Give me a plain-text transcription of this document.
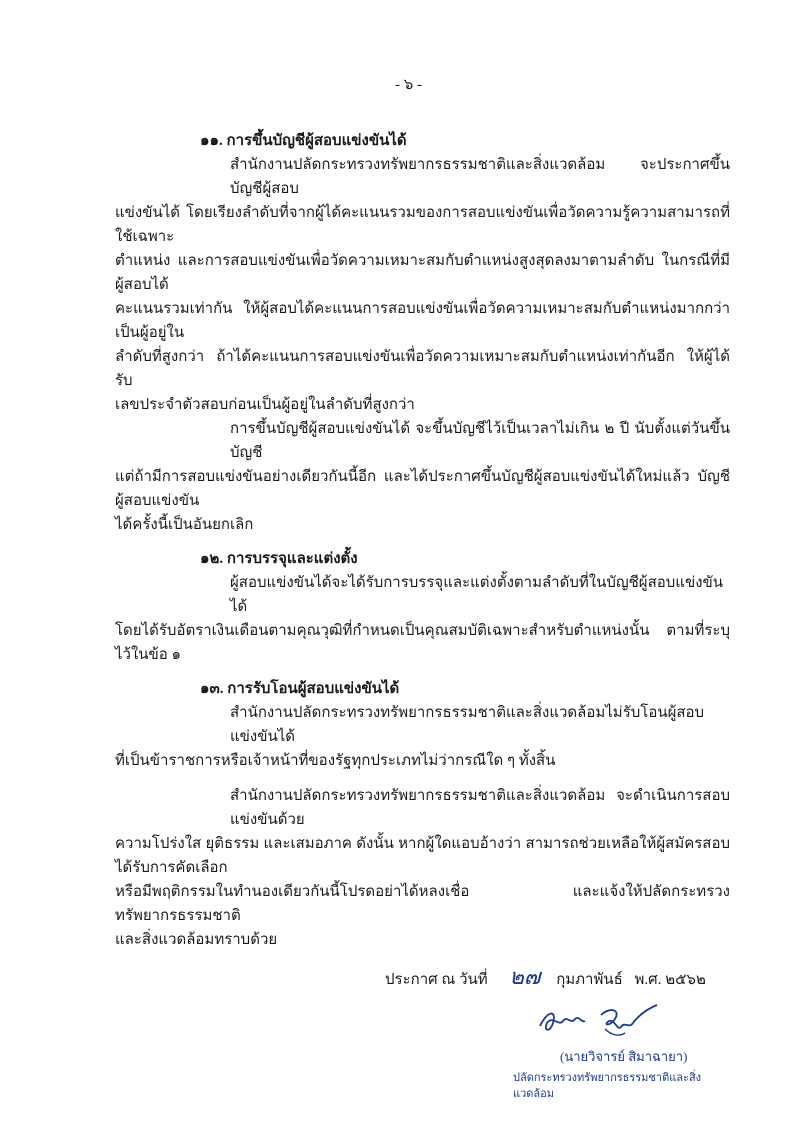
- ๖ -
๑๑. การขึ้นบัญชีผู้สอบแข่งขันได้
สำนักงานปลัดกระทรวงทรัพยากรธรรมชาติและสิ่งแวดล้อม จะประกาศขึ้นบัญชีผู้สอบ
แข่งขันได้ โดยเรียงลำดับที่จากผู้ได้คะแนนรวมของการสอบแข่งขันเพื่อวัดความรู้ความสามารถที่ใช้เฉพาะ
ตำแหน่ง และการสอบแข่งขันเพื่อวัดความเหมาะสมกับตำแหน่งสูงสุดลงมาตามลำดับ ในกรณีที่มีผู้สอบได้
คะแนนรวมเท่ากัน ให้ผู้สอบได้คะแนนการสอบแข่งขันเพื่อวัดความเหมาะสมกับตำแหน่งมากกว่าเป็นผู้อยู่ใน
ลำดับที่สูงกว่า ถ้าได้คะแนนการสอบแข่งขันเพื่อวัดความเหมาะสมกับตำแหน่งเท่ากันอีก ให้ผู้ได้รับ
เลขประจำตัวสอบก่อนเป็นผู้อยู่ในลำดับที่สูงกว่า
การขึ้นบัญชีผู้สอบแข่งขันได้ จะขึ้นบัญชีไว้เป็นเวลาไม่เกิน ๒ ปี นับตั้งแต่วันขึ้นบัญชี
แต่ถ้ามีการสอบแข่งขันอย่างเดียวกันนี้อีก และได้ประกาศขึ้นบัญชีผู้สอบแข่งขันได้ใหม่แล้ว บัญชีผู้สอบแข่งขัน
ได้ครั้งนี้เป็นอันยกเลิก
๑๒. การบรรจุและแต่งตั้ง
ผู้สอบแข่งขันได้จะได้รับการบรรจุและแต่งตั้งตามลำดับที่ในบัญชีผู้สอบแข่งขันได้
โดยได้รับอัตราเงินเดือนตามคุณวุฒิที่กำหนดเป็นคุณสมบัติเฉพาะสำหรับตำแหน่งนั้น ตามที่ระบุไว้ในข้อ ๑
๑๓. การรับโอนผู้สอบแข่งขันได้
สำนักงานปลัดกระทรวงทรัพยากรธรรมชาติและสิ่งแวดล้อมไม่รับโอนผู้สอบแข่งขันได้
ที่เป็นข้าราชการหรือเจ้าหน้าที่ของรัฐทุกประเภทไม่ว่ากรณีใด ๆ ทั้งสิ้น
สำนักงานปลัดกระทรวงทรัพยากรธรรมชาติและสิ่งแวดล้อม จะดำเนินการสอบแข่งขันด้วย
ความโปร่งใส ยุติธรรม และเสมอภาค ดังนั้น หากผู้ใดแอบอ้างว่า สามารถช่วยเหลือให้ผู้สมัครสอบได้รับการคัดเลือก
หรือมีพฤติกรรมในทำนองเดียวกันนี้โปรดอย่าได้หลงเชื่อ และแจ้งให้ปลัดกระทรวงทรัพยากรธรรมชาติ
และสิ่งแวดล้อมทราบด้วย
ประกาศ ณ วันที่ ๒๗ กุมภาพันธ์ พ.ศ. ๒๕๖๒
(นายวิจารย์ สิมาฉายา)
ปลัดกระทรวงทรัพยากรธรรมชาติและสิ่งแวดล้อม
